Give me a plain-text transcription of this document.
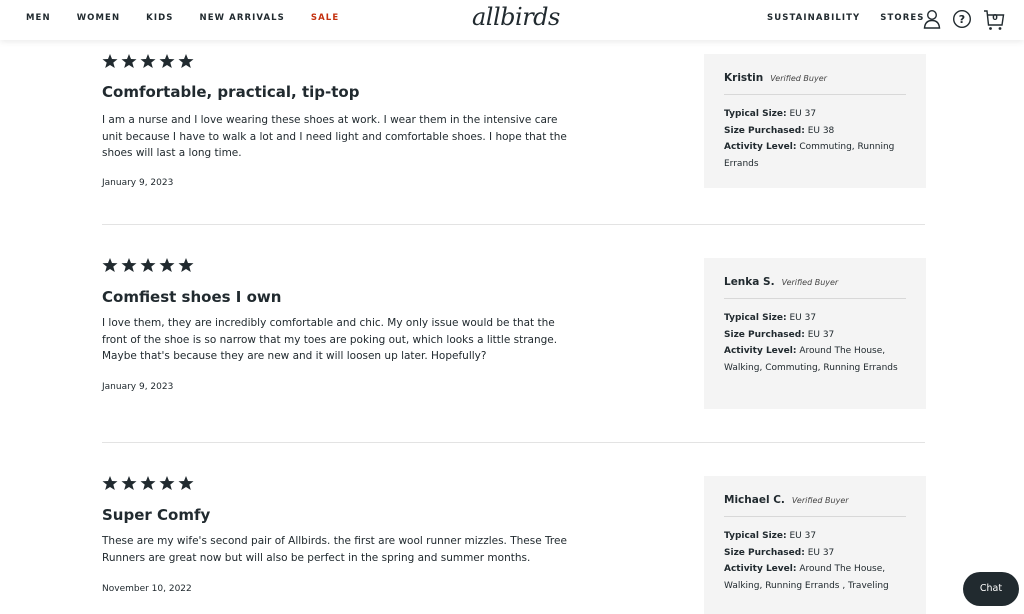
MEN	WOMEN	KIDS	NEW ARRIVALS	SALE	allbirds	SUSTAINABILITY STORES	?	0
Comfortable, practical, tip-top
I am a nurse and I love wearing these shoes at work. I wear them in the intensive care unit because I have to walk a lot and I need light and comfortable shoes. I hope that the shoes will last a long time.
January 9, 2023
Kristin Verified Buyer
Typical Size: EU 37
Size Purchased: EU 38
Activity Level: Commuting, Running Errands
Comfiest shoes I own
I love them, they are incredibly comfortable and chic. My only issue would be that the front of the shoe is so narrow that my toes are poking out, which looks a little strange. Maybe that's because they are new and it will loosen up later. Hopefully?
January 9, 2023
Lenka S. Verified Buyer
Typical Size: EU 37
Size Purchased: EU 37
Activity Level: Around The House, Walking, Commuting, Running Errands
Super Comfy
These are my wife's second pair of Allbirds. the first are wool runner mizzles. These Tree Runners are great now but will also be perfect in the spring and summer months.
November 10, 2022
Michael C. Verified Buyer
Typical Size: EU 37
Size Purchased: EU 37
Activity Level: Around The House, Walking, Running Errands , Traveling	Chat
